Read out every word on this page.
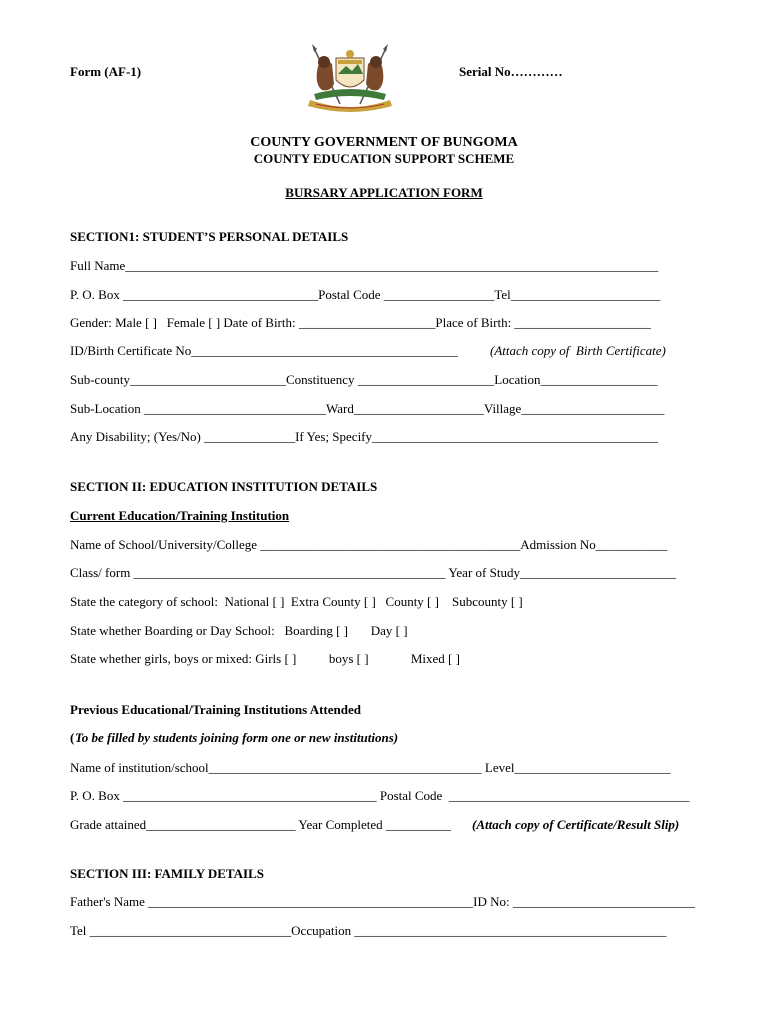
Form (AF-1)	Serial No…………
COUNTY GOVERNMENT OF BUNGOMA
COUNTY EDUCATION SUPPORT SCHEME
BURSARY APPLICATION FORM
SECTION1: STUDENT’S PERSONAL DETAILS
Full Name__________________________________________________________________________________
P. O. Box ______________________________Postal Code _________________Tel_______________________
Gender: Male [ ]   Female [ ] Date of Birth: _____________________Place of Birth: _____________________
ID/Birth Certificate No_________________________________________ (Attach copy of  Birth Certificate)
Sub-county________________________Constituency _____________________Location__________________
Sub-Location ____________________________Ward____________________Village______________________
Any Disability; (Yes/No) ______________If Yes; Specify____________________________________________
SECTION II: EDUCATION INSTITUTION DETAILS
Current Education/Training Institution
Name of School/University/College ________________________________________Admission No___________
Class/ form ________________________________________________ Year of Study________________________
State the category of school:  National [ ]  Extra County [ ]   County [ ]    Subcounty [ ]
State whether Boarding or Day School:   Boarding [ ]       Day [ ]
State whether girls, boys or mixed: Girls [ ]          boys [ ]             Mixed [ ]
Previous Educational/Training Institutions Attended
( To be filled by students joining form one or new institutions)
Name of institution/school__________________________________________ Level________________________
P. O. Box _______________________________________ Postal Code  _____________________________________
Grade attained_______________________ Year Completed __________ (Attach copy of Certificate/Result Slip)
SECTION III: FAMILY DETAILS
Father's Name __________________________________________________ID No: ____________________________
Tel _______________________________Occupation ________________________________________________
